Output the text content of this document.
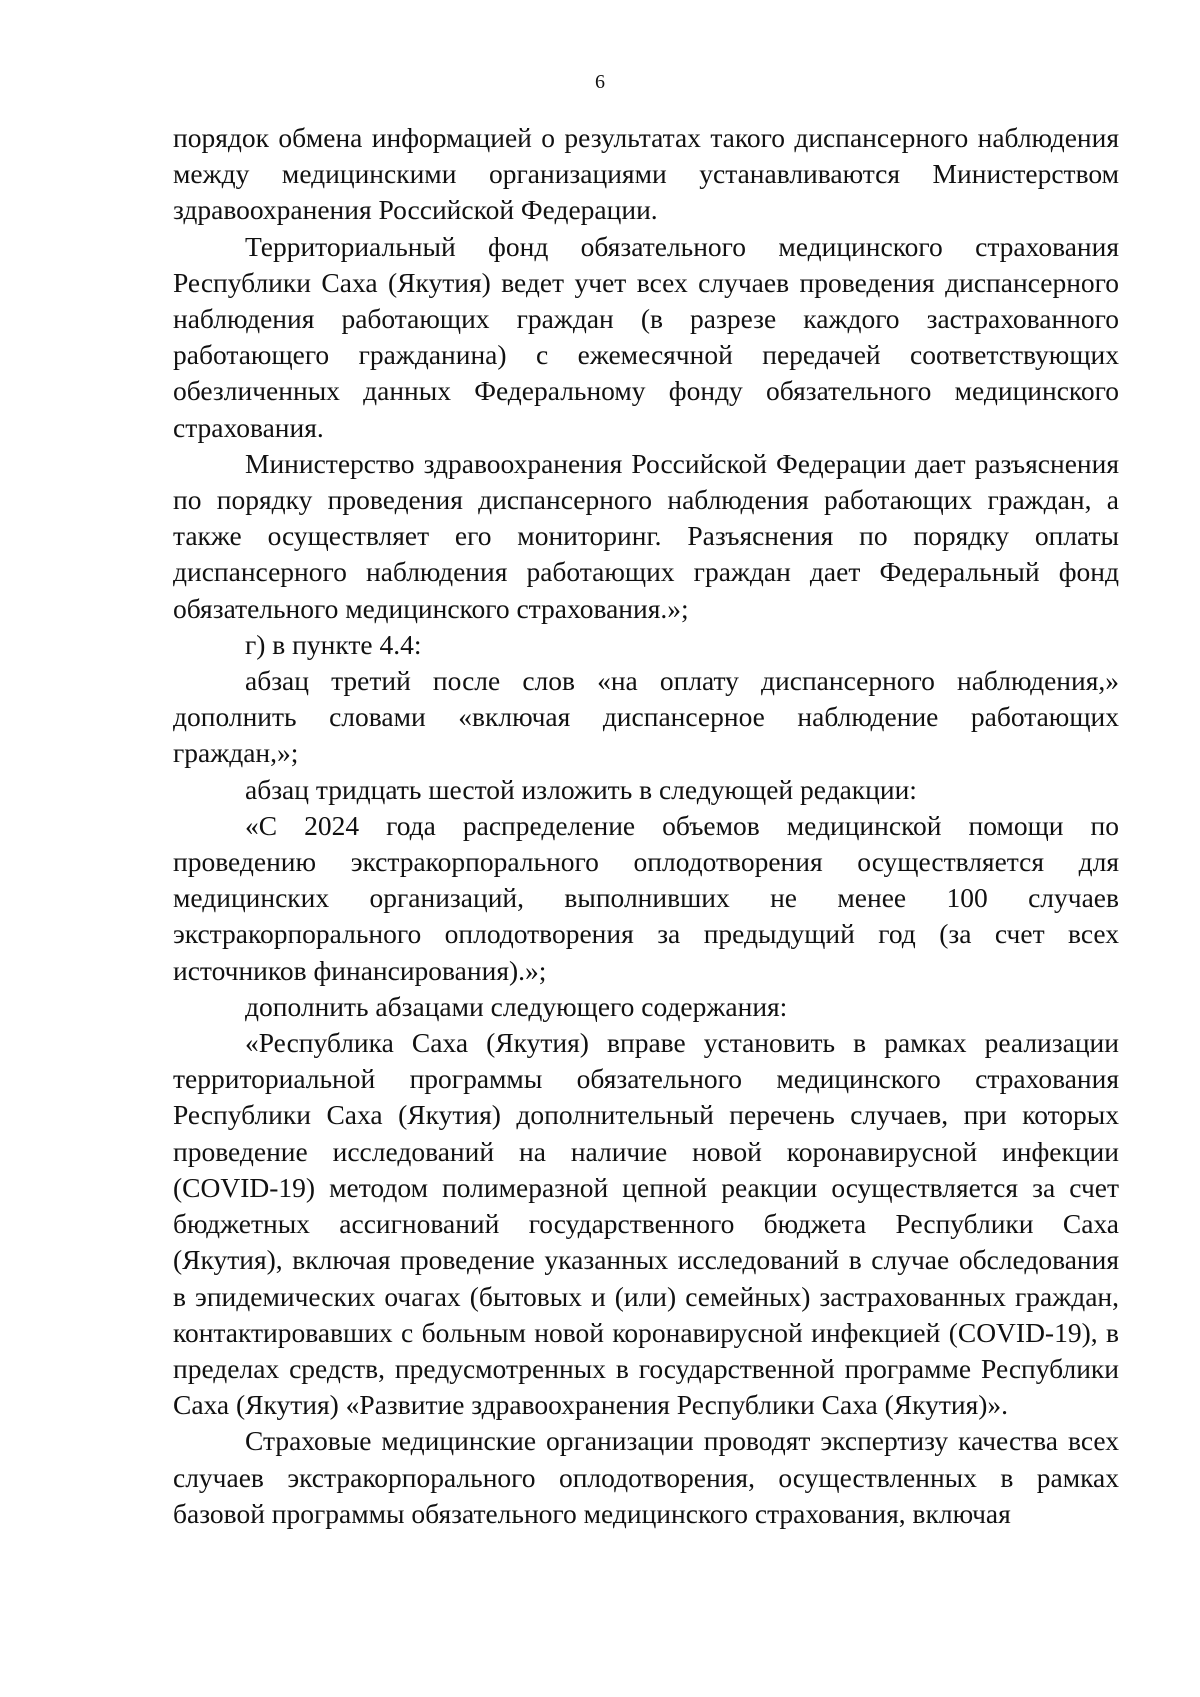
6

порядок обмена информацией о результатах такого диспансерного наблюдения между медицинскими организациями устанавливаются Министерством здравоохранения Российской Федерации.

Территориальный фонд обязательного медицинского страхования Республики Саха (Якутия) ведет учет всех случаев проведения диспансерного наблюдения работающих граждан (в разрезе каждого застрахованного работающего гражданина) с ежемесячной передачей соответствующих обезличенных данных Федеральному фонду обязательного медицинского страхования.

Министерство здравоохранения Российской Федерации дает разъяснения по порядку проведения диспансерного наблюдения работающих граждан, а также осуществляет его мониторинг. Разъяснения по порядку оплаты диспансерного наблюдения работающих граждан дает Федеральный фонд обязательного медицинского страхования.»;

г) в пункте 4.4:

абзац третий после слов «на оплату диспансерного наблюдения,» дополнить словами «включая диспансерное наблюдение работающих граждан,»;

абзац тридцать шестой изложить в следующей редакции:

«С 2024 года распределение объемов медицинской помощи по проведению экстракорпорального оплодотворения осуществляется для медицинских организаций, выполнивших не менее 100 случаев экстракорпорального оплодотворения за предыдущий год (за счет всех источников финансирования).»;

дополнить абзацами следующего содержания:

«Республика Саха (Якутия) вправе установить в рамках реализации территориальной программы обязательного медицинского страхования Республики Саха (Якутия) дополнительный перечень случаев, при которых проведение исследований на наличие новой коронавирусной инфекции (COVID-19) методом полимеразной цепной реакции осуществляется за счет бюджетных ассигнований государственного бюджета Республики Саха (Якутия), включая проведение указанных исследований в случае обследования в эпидемических очагах (бытовых и (или) семейных) застрахованных граждан, контактировавших с больным новой коронавирусной инфекцией (COVID-19), в пределах средств, предусмотренных в государственной программе Республики Саха (Якутия) «Развитие здравоохранения Республики Саха (Якутия)».

Страховые медицинские организации проводят экспертизу качества всех случаев экстракорпорального оплодотворения, осуществленных в рамках базовой программы обязательного медицинского страхования, включая
